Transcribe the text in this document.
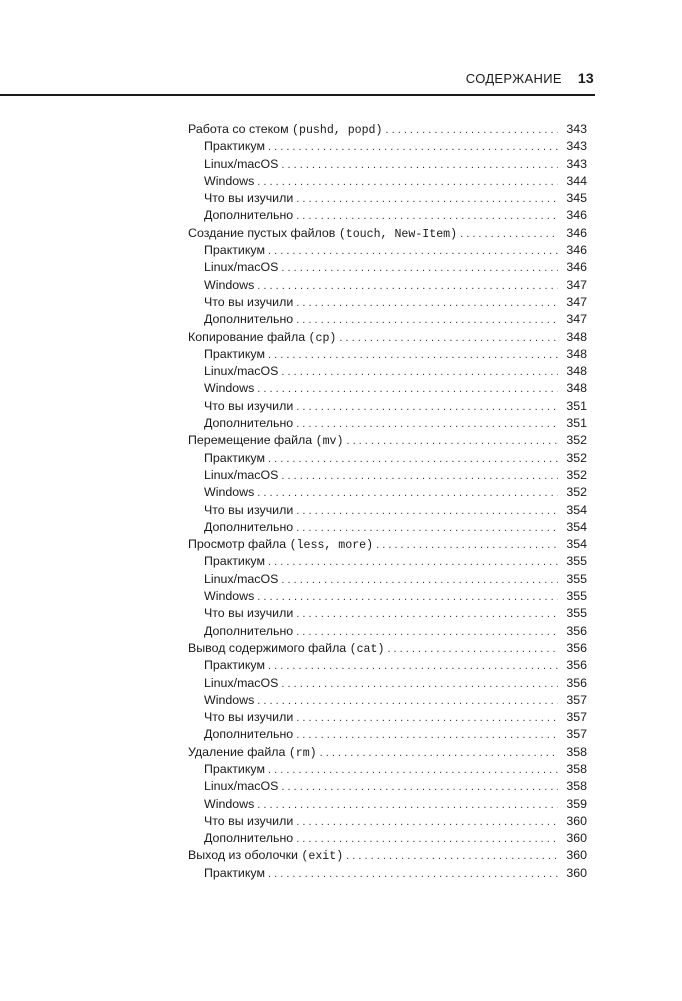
СОДЕРЖАНИЕ 13
Работа со стеком (pushd, popd) . . .	343
Практикум . . .	343
Linux/macOS . . .	343
Windows . . .	344
Что вы изучили . . .	345
Дополнительно . . .	346
Создание пустых файлов (touch, New-Item) . . .	346
Практикум . . .	346
Linux/macOS . . .	346
Windows . . .	347
Что вы изучили . . .	347
Дополнительно . . .	347
Копирование файла (cp) . . .	348
Практикум . . .	348
Linux/macOS . . .	348
Windows . . .	348
Что вы изучили . . .	351
Дополнительно . . .	351
Перемещение файла (mv) . . .	352
Практикум . . .	352
Linux/macOS . . .	352
Windows . . .	352
Что вы изучили . . .	354
Дополнительно . . .	354
Просмотр файла (less, more) . . .	354
Практикум . . .	355
Linux/macOS . . .	355
Windows . . .	355
Что вы изучили . . .	355
Дополнительно . . .	356
Вывод содержимого файла (cat) . . .	356
Практикум . . .	356
Linux/macOS . . .	356
Windows . . .	357
Что вы изучили . . .	357
Дополнительно . . .	357
Удаление файла (rm) . . .	358
Практикум . . .	358
Linux/macOS . . .	358
Windows . . .	359
Что вы изучили . . .	360
Дополнительно . . .	360
Выход из оболочки (exit) . . .	360
Практикум . . .	360
